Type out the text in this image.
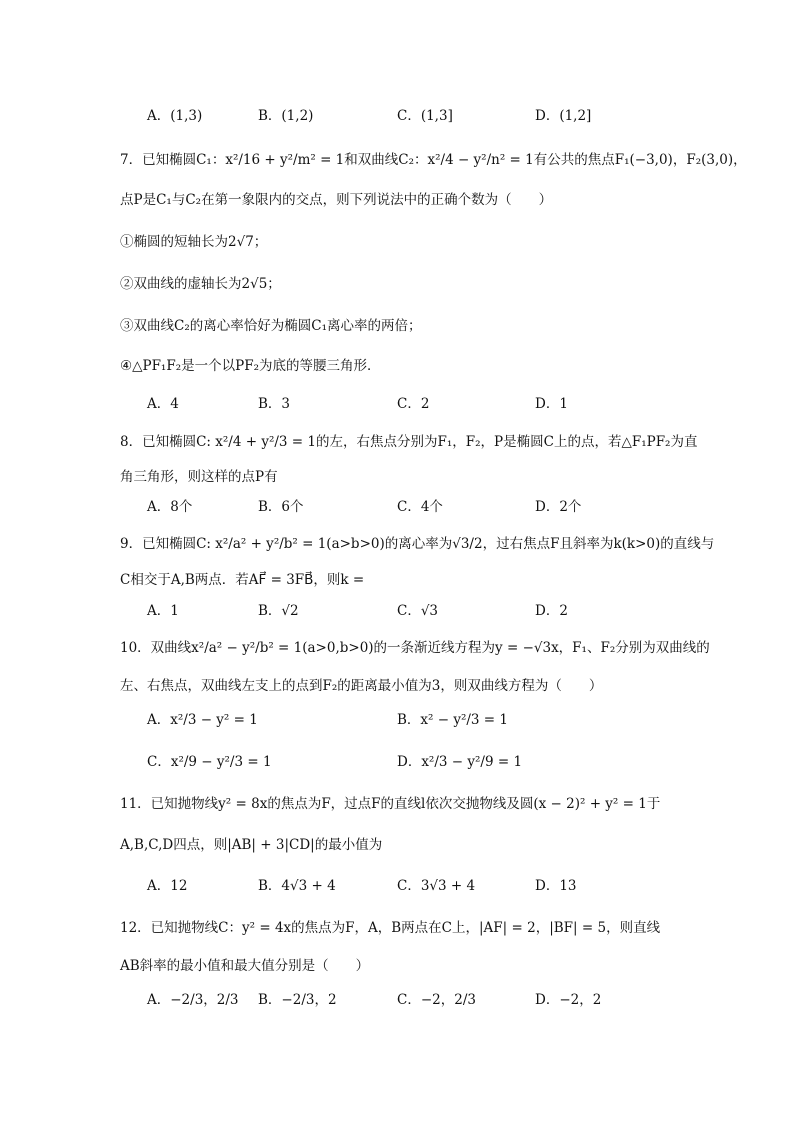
A．(1,3)	B．(1,2)	C．(1,3]	D．(1,2]
7．已知椭圆C₁：x²/16 + y²/m² = 1和双曲线C₂：x²/4 − y²/n² = 1有公共的焦点F₁(−3,0)，F₂(3,0)，
点P是C₁与C₂在第一象限内的交点，则下列说法中的正确个数为（　　）
①椭圆的短轴长为2√7；
②双曲线的虚轴长为2√5；
③双曲线C₂的离心率恰好为椭圆C₁离心率的两倍；
④△PF₁F₂是一个以PF₂为底的等腰三角形．
A．4	B．3	C．2	D．1
8．已知椭圆C: x²/4 + y²/3 = 1的左，右焦点分别为F₁，F₂，P是椭圆C上的点，若△F₁PF₂为直
角三角形，则这样的点P有
A．8个	B．6个	C．4个	D．2个
9．已知椭圆C: x²/a² + y²/b² = 1(a>b>0)的离心率为√3/2，过右焦点F且斜率为k(k>0)的直线与
C相交于A,B两点．若AF⃗ = 3FB⃗，则k =
A．1	B．√2	C．√3	D．2
10．双曲线x²/a² − y²/b² = 1(a>0,b>0)的一条渐近线方程为y = −√3x，F₁、F₂分别为双曲线的
左、右焦点，双曲线左支上的点到F₂的距离最小值为3，则双曲线方程为（　　）
A．x²/3 − y² = 1	B．x² − y²/3 = 1
C．x²/9 − y²/3 = 1	D．x²/3 − y²/9 = 1
11．已知抛物线y² = 8x的焦点为F，过点F的直线l依次交抛物线及圆(x − 2)² + y² = 1于
A,B,C,D四点，则|AB| + 3|CD|的最小值为
A．12	B．4√3 + 4	C．3√3 + 4	D．13
12．已知抛物线C：y² = 4x的焦点为F，A，B两点在C上，|AF| = 2，|BF| = 5，则直线
AB斜率的最小值和最大值分别是（　　）
A．−2/3，2/3 B．−2/3，2	C．−2，2/3	D．−2，2
